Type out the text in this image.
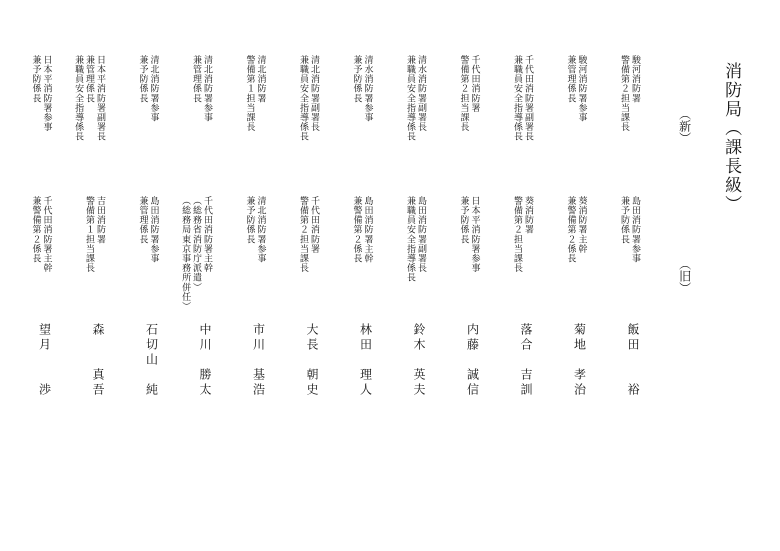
消防局（課長級）
（新）
（旧）
駿河消防署
警備第２担当課長
島田消防署参事
兼予防係長
飯田　　裕
駿河消防署参事
兼管理係長
葵消防署主幹
兼警備第２係長
菊地　孝治
千代田消防署副署長
兼職員安全指導係長
葵消防署
警備第２担当課長
落合　吉訓
千代田消防署
警備第２担当課長
日本平消防署参事
兼予防係長
内藤　誠信
清水消防署副署長
兼職員安全指導係長
島田消防署副署長
兼職員安全指導係長
鈴木　英夫
清水消防署参事
兼予防係長
島田消防署主幹
兼警備第２係長
林田　理人
清北消防署副署長
兼職員安全指導係長
千代田消防署
警備第２担当課長
大長　朝史
清北消防署
警備第１担当課長
清北消防署参事
兼予防係長
市川　基浩
清北消防署参事
兼管理係長
千代田消防署主幹
（総務省消防庁派遣）
（総務局東京事務所併任）
中川　勝太
清北消防署参事
兼予防係長
島田消防署参事
兼管理係長
石切山　純
日本平消防署副署長
兼管理係長
兼職員安全指導係長
吉田消防署
警備第１担当課長
森　　真吾
日本平消防署参事
兼予防係長
千代田消防署主幹
兼警備第２係長
望月　　渉
